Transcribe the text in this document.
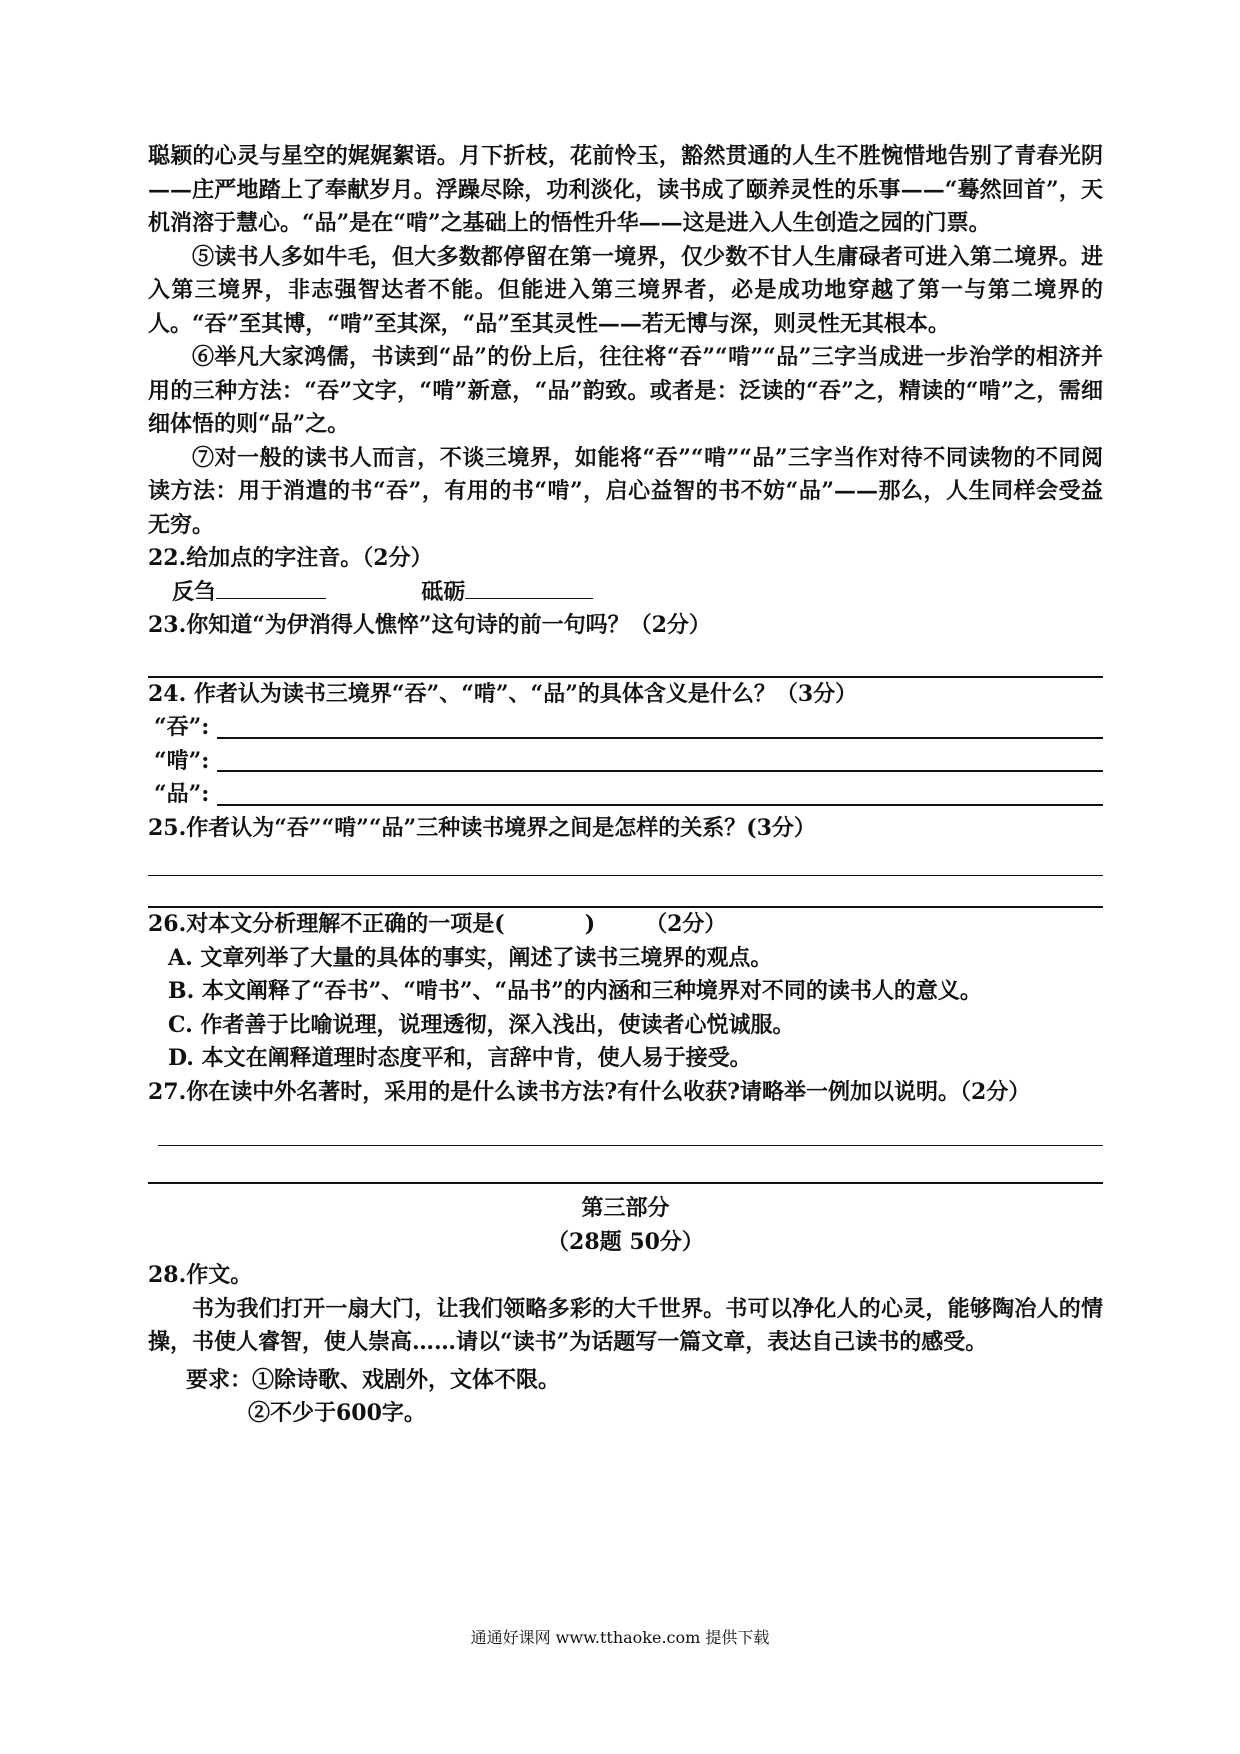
聪颖的心灵与星空的娓娓絮语。月下折枝，花前怜玉，豁然贯通的人生不胜惋惜地告别了青春光阴——庄严地踏上了奉献岁月。浮躁尽除，功利淡化，读书成了颐养灵性的乐事——“蓦然回首”，天机消溶于慧心。“品”是在“啃”之基础上的悟性升华——这是进入人生创造之园的门票。

⑤读书人多如牛毛，但大多数都停留在第一境界，仅少数不甘人生庸碌者可进入第二境界。进入第三境界，非志强智达者不能。但能进入第三境界者，必是成功地穿越了第一与第二境界的人。“吞”至其博，“啃”至其深，“品”至其灵性——若无博与深，则灵性无其根本。

⑥举凡大家鸿儒，书读到“品”的份上后，往往将“吞”“啃”“品”三字当成进一步治学的相济并用的三种方法：“吞”文字，“啃”新意，“品”韵致。或者是：泛读的“吞”之，精读的“啃”之，需细细体悟的则“品”之。

⑦对一般的读书人而言，不谈三境界，如能将“吞”“啃”“品”三字当作对待不同读物的不同阅读方法：用于消遣的书“吞”，有用的书“啃”，启心益智的书不妨“品”——那么，人生同样会受益无穷。

22.给加点的字注音。（2分）

反刍	砥砺

23.你知道“为伊消得人憔悴”这句诗的前一句吗？（2分）

24. 作者认为读书三境界“吞”、“啃”、“品”的具体含义是什么？（3分）

“吞”:
“啃”:
“品”:

25.作者认为“吞”“啃”“品”三种读书境界之间是怎样的关系？(3分）

26.对本文分析理解不正确的一项是(	) （2分）

A. 文章列举了大量的具体的事实，阐述了读书三境界的观点。

B. 本文阐释了“吞书”、“啃书”、“品书”的内涵和三种境界对不同的读书人的意义。

C. 作者善于比喻说理，说理透彻，深入浅出，使读者心悦诚服。

D. 本文在阐释道理时态度平和，言辞中肯，使人易于接受。

27.你在读中外名著时，采用的是什么读书方法?有什么收获?请略举一例加以说明。（2分）

第三部分

（28题 50分）

28.作文。

书为我们打开一扇大门，让我们领略多彩的大千世界。书可以净化人的心灵，能够陶冶人的情操，书使人睿智，使人崇高……请以“读书”为话题写一篇文章，表达自己读书的感受。

要求：①除诗歌、戏剧外，文体不限。

②不少于600字。

通通好课网 www.tthaoke.com 提供下载
